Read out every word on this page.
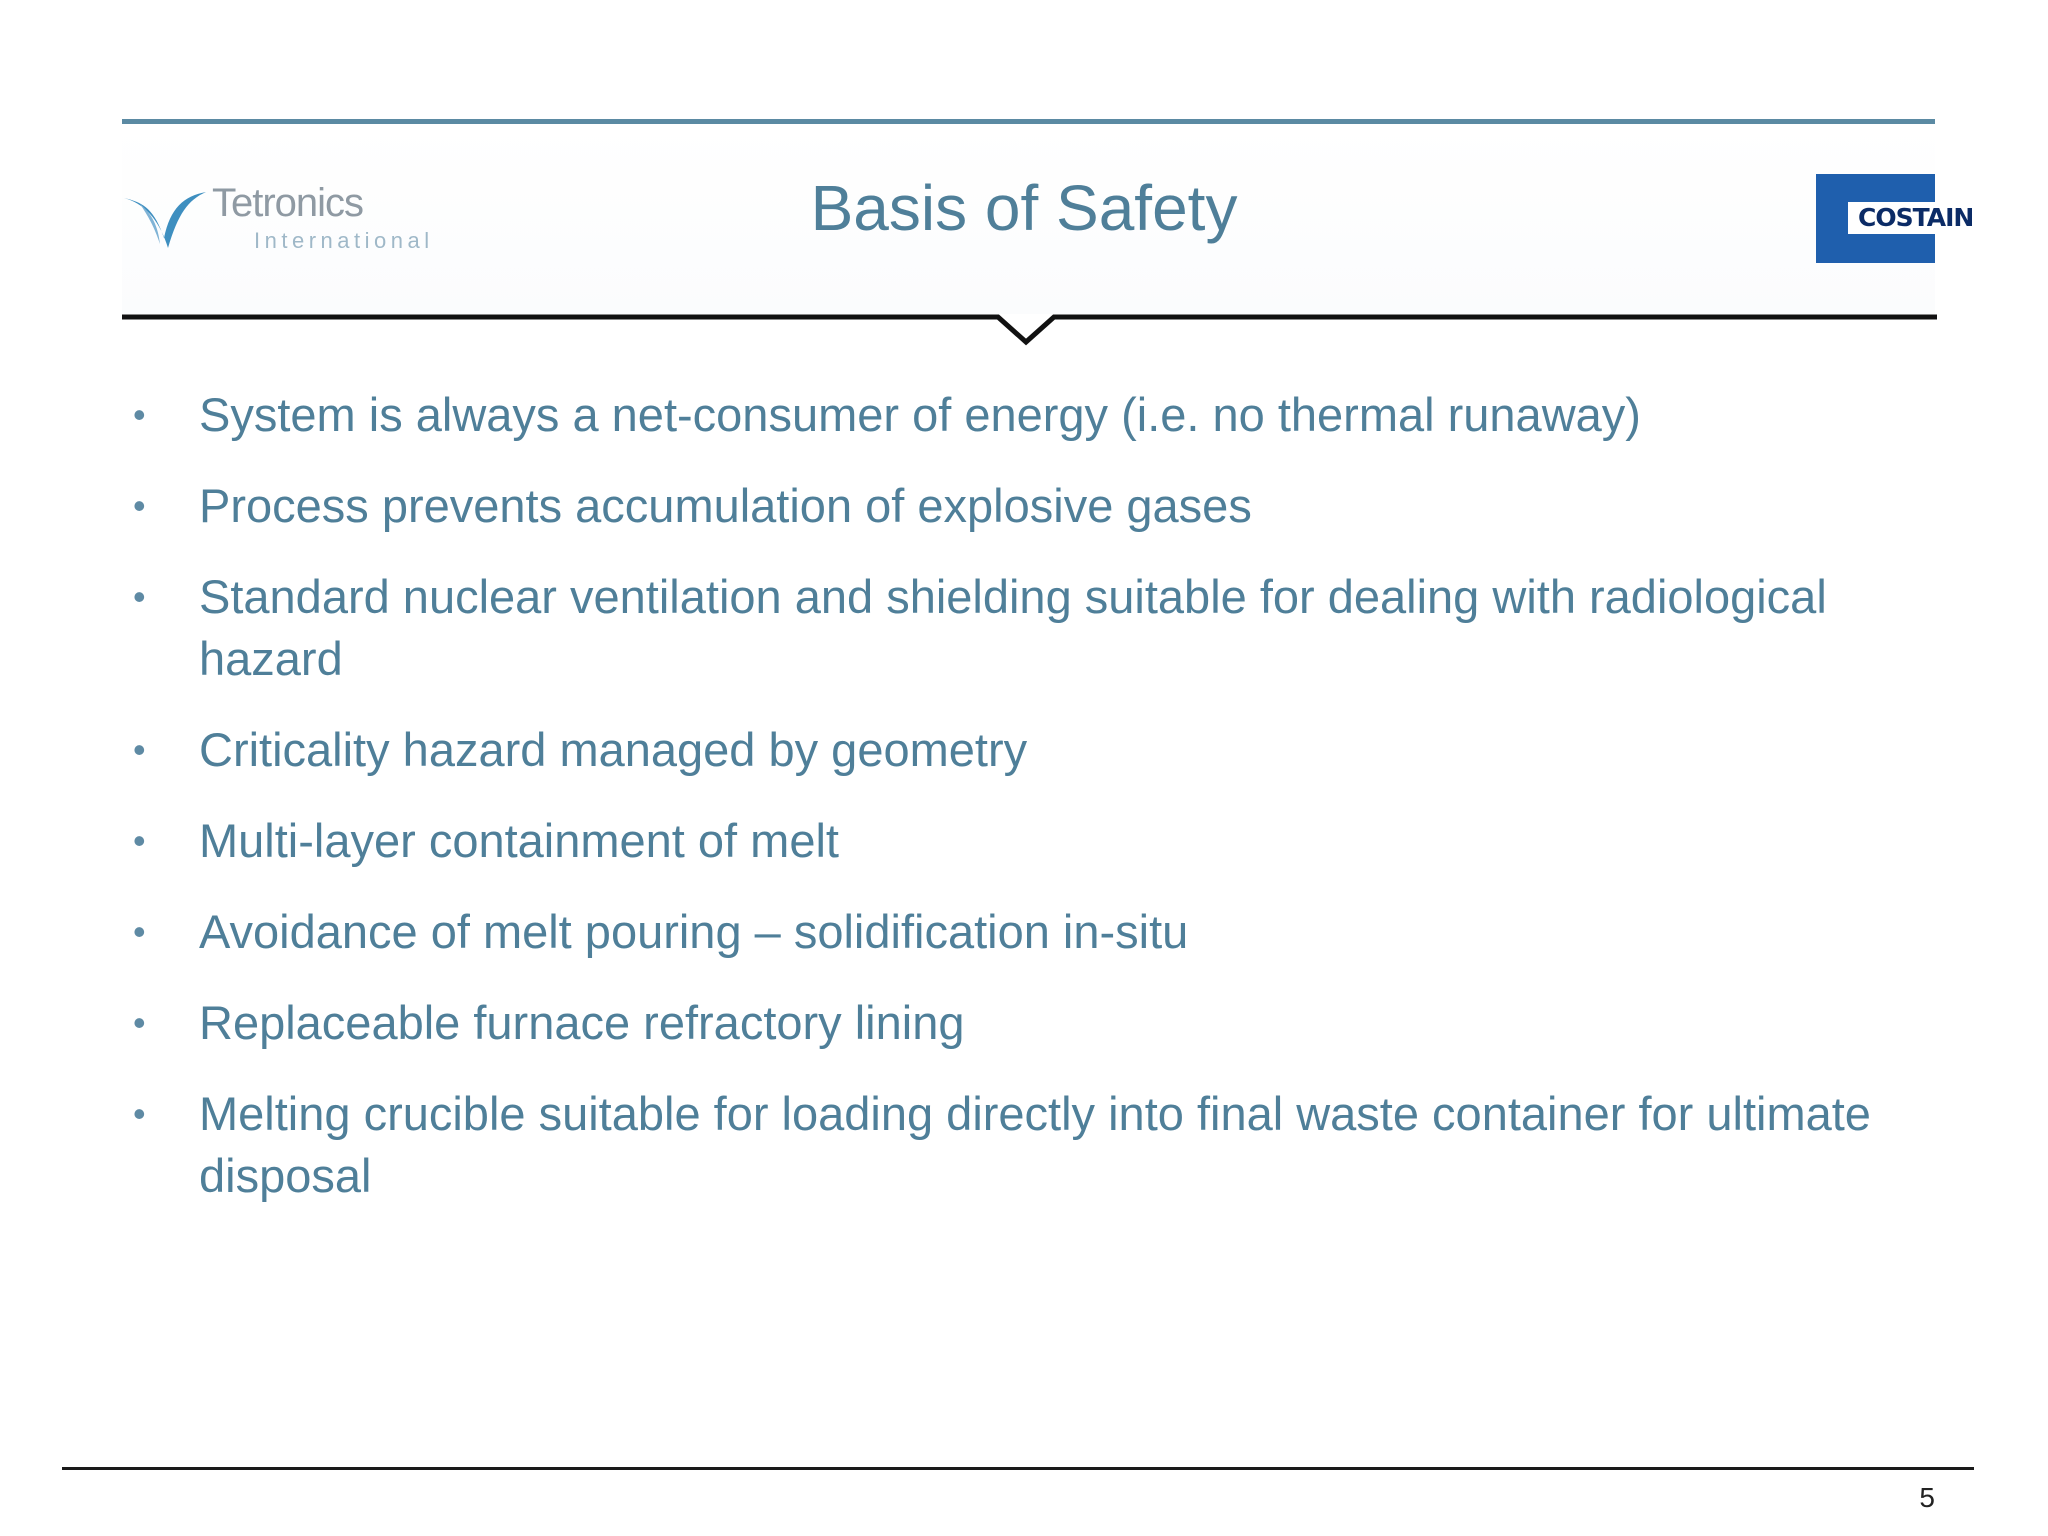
Tetronics
International	Basis of Safety	COSTAIN
• System is always a net-consumer of energy (i.e. no thermal runaway)
• Process prevents accumulation of explosive gases
• Standard nuclear ventilation and shielding suitable for dealing with radiological hazard
• Criticality hazard managed by geometry
• Multi-layer containment of melt
• Avoidance of melt pouring – solidification in-situ
• Replaceable furnace refractory lining
• Melting crucible suitable for loading directly into final waste container for ultimate disposal
5
